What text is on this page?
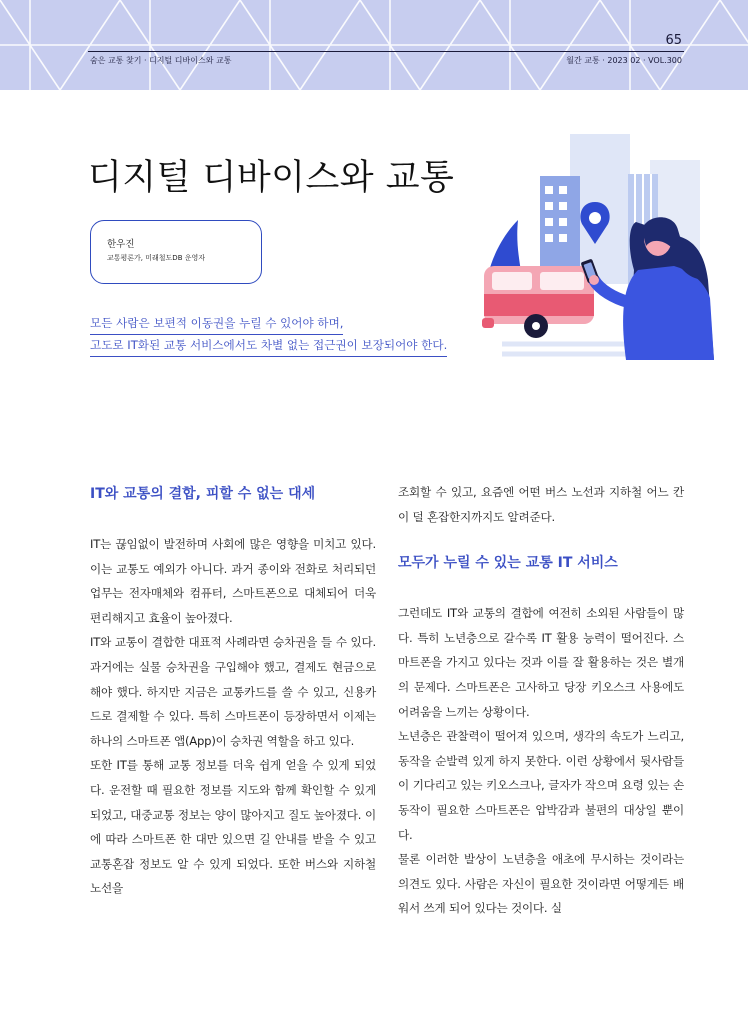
65
숨은 교통 찾기 · 디지털 디바이스와 교통	월간 교통 · 2023 02 · VOL.300
디지털 디바이스와 교통
한우진
교통평론가, 미래철도DB 운영자
모든 사람은 보편적 이동권을 누릴 수 있어야 하며,
고도로 IT화된 교통 서비스에서도 차별 없는 접근권이 보장되어야 한다.
IT와 교통의 결합, 피할 수 없는 대세

IT는 끊임없이 발전하며 사회에 많은 영향을 미치고 있다. 이는 교통도 예외가 아니다. 과거 종이와 전화로 처리되던 업무는 전자매체와 컴퓨터, 스마트폰으로 대체되어 더욱 편리해지고 효율이 높아졌다.

IT와 교통이 결합한 대표적 사례라면 승차권을 들 수 있다. 과거에는 실물 승차권을 구입해야 했고, 결제도 현금으로 해야 했다. 하지만 지금은 교통카드를 쓸 수 있고, 신용카드로 결제할 수 있다. 특히 스마트폰이 등장하면서 이제는 하나의 스마트폰 앱(App)이 승차권 역할을 하고 있다.

또한 IT를 통해 교통 정보를 더욱 쉽게 얻을 수 있게 되었다. 운전할 때 필요한 정보를 지도와 함께 확인할 수 있게 되었고, 대중교통 정보는 양이 많아지고 질도 높아졌다. 이에 따라 스마트폰 한 대만 있으면 길 안내를 받을 수 있고 교통혼잡 정보도 알 수 있게 되었다. 또한 버스와 지하철 노선을

조회할 수 있고, 요즘엔 어떤 버스 노선과 지하철 어느 칸이 덜 혼잡한지까지도 알려준다.

모두가 누릴 수 있는 교통 IT 서비스

그런데도 IT와 교통의 결합에 여전히 소외된 사람들이 많다. 특히 노년층으로 갈수록 IT 활용 능력이 떨어진다. 스마트폰을 가지고 있다는 것과 이를 잘 활용하는 것은 별개의 문제다. 스마트폰은 고사하고 당장 키오스크 사용에도 어려움을 느끼는 상황이다.

노년층은 관찰력이 떨어져 있으며, 생각의 속도가 느리고, 동작을 순발력 있게 하지 못한다. 이런 상황에서 뒷사람들이 기다리고 있는 키오스크나, 글자가 작으며 요령 있는 손동작이 필요한 스마트폰은 압박감과 불편의 대상일 뿐이다.

물론 이러한 발상이 노년층을 애초에 무시하는 것이라는 의견도 있다. 사람은 자신이 필요한 것이라면 어떻게든 배워서 쓰게 되어 있다는 것이다. 실
